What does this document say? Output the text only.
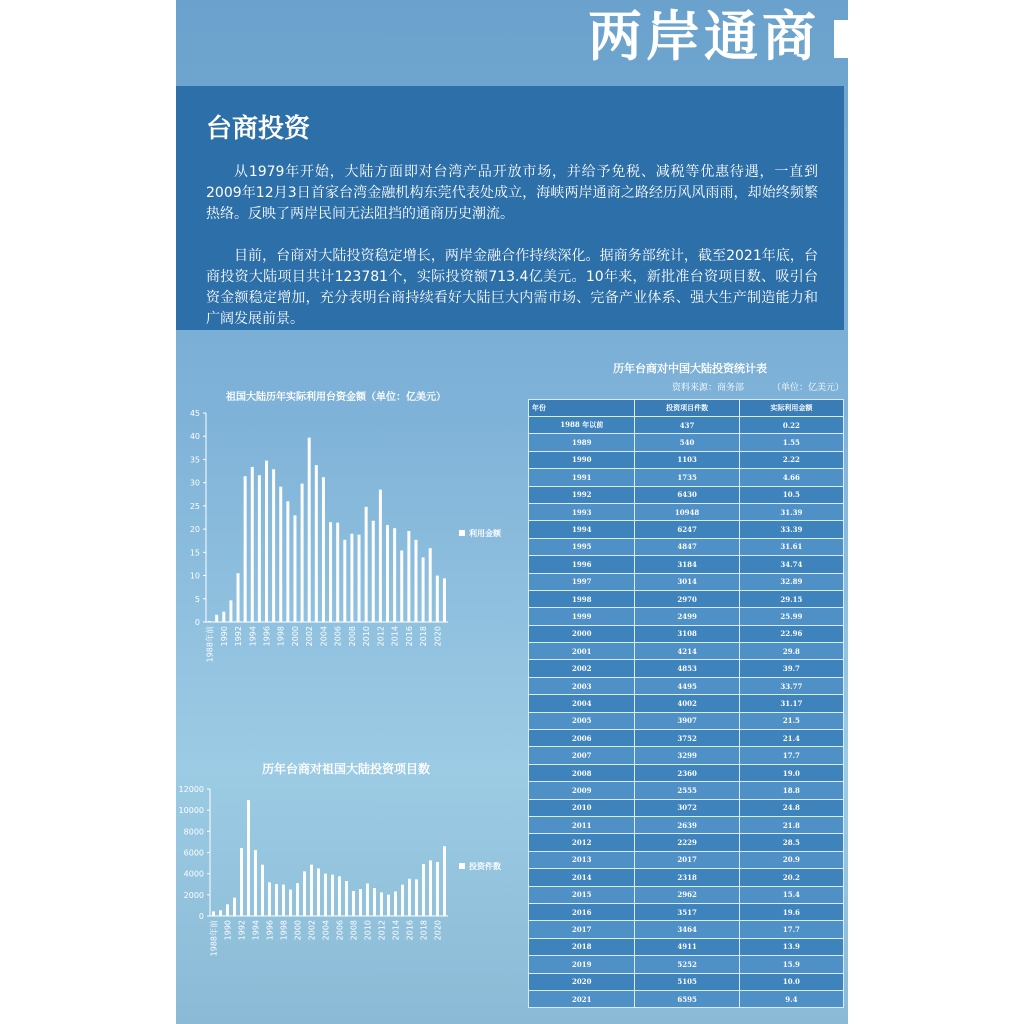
两岸通商
台商投资

从1979年开始，大陆方面即对台湾产品开放市场，并给予免税、减税等优惠待遇，一直到2009年12月3日首家台湾金融机构东莞代表处成立，海峡两岸通商之路经历风风雨雨，却始终频繁热络。反映了两岸民间无法阻挡的通商历史潮流。

目前，台商对大陆投资稳定增长，两岸金融合作持续深化。据商务部统计，截至2021年底，台商投资大陆项目共计123781个，实际投资额713.4亿美元。10年来，新批准台资项目数、吸引台资金额稳定增加，充分表明台商持续看好大陆巨大内需市场、完备产业体系、强大生产制造能力和广阔发展前景。

祖国大陆历年实际利用台资金额（单位：亿美元）
0
5
10
15
20
25
30
35
40
45
1988年前 1990 1992 1994 1996 1998 2000 2002 2004 2006 2008 2010 2012 2014 2016 2018 2020
利用金额
历年台商对祖国大陆投资项目数
0
2000
4000
6000
8000
10000
12000
1988年前 1990 1992 1994 1996 1998 2000 2002 2004 2006 2008 2010 2012 2014 2016 2018 2020
投资件数
历年台商对中国大陆投资统计表
资料来源：商务部	（单位：亿美元）
年份	投资项目件数	实际利用金额
1988 年以前	437	0.22
1989	540	1.55
1990	1103	2.22
1991	1735	4.66
1992	6430	10.5
1993	10948	31.39
1994	6247	33.39
1995	4847	31.61
1996	3184	34.74
1997	3014	32.89
1998	2970	29.15
1999	2499	25.99
2000	3108	22.96
2001	4214	29.8
2002	4853	39.7
2003	4495	33.77
2004	4002	31.17
2005	3907	21.5
2006	3752	21.4
2007	3299	17.7
2008	2360	19.0
2009	2555	18.8
2010	3072	24.8
2011	2639	21.8
2012	2229	28.5
2013	2017	20.9
2014	2318	20.2
2015	2962	15.4
2016	3517	19.6
2017	3464	17.7
2018	4911	13.9
2019	5252	15.9
2020	5105	10.0
2021	6595	9.4
